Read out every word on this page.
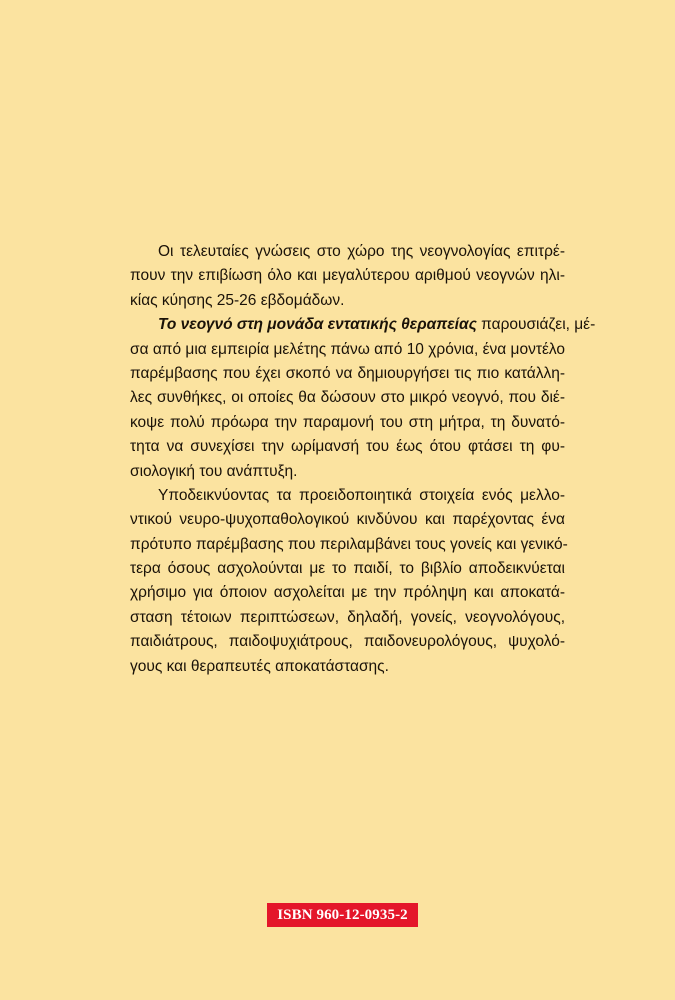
Οι τελευταίες γνώσεις στο χώρο της νεογνολογίας επιτρέ-
πουν την επιβίωση όλο και μεγαλύτερου αριθμού νεογνών ηλι-
κίας κύησης 25-26 εβδομάδων.
Το νεογνό στη μονάδα εντατικής θεραπείας παρουσιάζει, μέ-
σα από μια εμπειρία μελέτης πάνω από 10 χρόνια, ένα μοντέλο
παρέμβασης που έχει σκοπό να δημιουργήσει τις πιο κατάλλη-
λες συνθήκες, οι οποίες θα δώσουν στο μικρό νεογνό, που διέ-
κοψε πολύ πρόωρα την παραμονή του στη μήτρα, τη δυνατό-
τητα να συνεχίσει την ωρίμανσή του έως ότου φτάσει τη φυ-
σιολογική του ανάπτυξη.
Υποδεικνύοντας τα προειδοποιητικά στοιχεία ενός μελλο-
ντικού νευρο-ψυχοπαθολογικού κινδύνου και παρέχοντας ένα
πρότυπο παρέμβασης που περιλαμβάνει τους γονείς και γενικό-
τερα όσους ασχολούνται με το παιδί, το βιβλίο αποδεικνύεται
χρήσιμο για όποιον ασχολείται με την πρόληψη και αποκατά-
σταση τέτοιων περιπτώσεων, δηλαδή, γονείς, νεογνολόγους,
παιδιάτρους, παιδοψυχιάτρους, παιδονευρολόγους, ψυχολό-
γους και θεραπευτές αποκατάστασης.
ISBN 960-12-0935-2
